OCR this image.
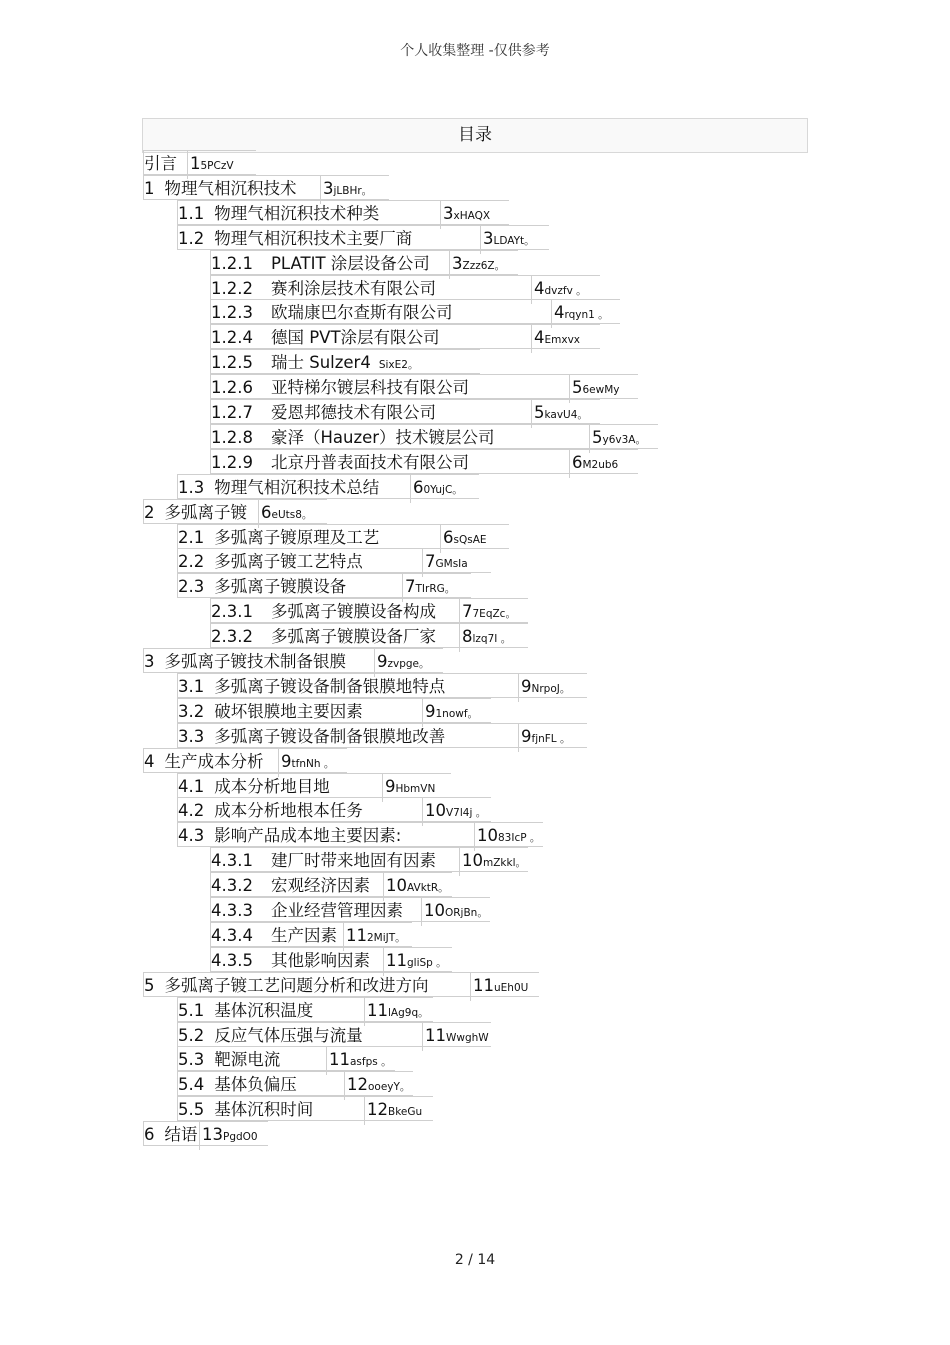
个人收集整理 -仅供参考
目录
引言 15PCzV
1 物理气相沉积技术 3jLBHr。
1.1 物理气相沉积技术种类	3xHAQX
1.2 物理气相沉积技术主要厂商	3LDAYt。
1.2.1 PLATIT 涂层设备公司 3Zzz6Z。
1.2.2 赛利涂层技术有限公司	4dvzfv 。
1.2.3 欧瑞康巴尔查斯有限公司	4rqyn1 。
1.2.4 德国 PVT涂层有限公司	4Emxvx
1.2.5 瑞士 Sulzer4 SixE2。
1.2.6 亚特梯尔镀层科技有限公司	56ewMy
1.2.7 爱恩邦德技术有限公司	5kavU4。
1.2.8 豪泽（Hauzer）技术镀层公司	5y6v3A。
1.2.9 北京丹普表面技术有限公司	6M2ub6
1.3 物理气相沉积技术总结 60YujC。
2 多弧离子镀 6eUts8。
2.1 多弧离子镀原理及工艺	6sQsAE
2.2 多弧离子镀工艺特点	7GMsIa
2.3 多弧离子镀膜设备	7TIrRG。
2.3.1 多弧离子镀膜设备构成 77EqZc。
2.3.2 多弧离子镀膜设备厂家 8lzq7I 。
3 多弧离子镀技术制备银膜 9zvpge。
3.1 多弧离子镀设备制备银膜地特点	9NrpoJ。
3.2 破坏银膜地主要因素	91nowf。
3.3 多弧离子镀设备制备银膜地改善	9fjnFL 。
4 生产成本分析 9tfnNh 。
4.1 成本分析地目地	9HbmVN
4.2 成本分析地根本任务	10V7l4j 。
4.3 影响产品成本地主要因素:	1083IcP 。
4.3.1 建厂时带来地固有因素 10mZkkl。
4.3.2 宏观经济因素 10AVktR。
4.3.3 企业经营管理因素 10ORjBn。
4.3.4 生产因素 112MiJT。
4.3.5 其他影响因素 11gliSp 。
5 多弧离子镀工艺问题分析和改进方向	11uEh0U
5.1 基体沉积温度	11lAg9q。
5.2 反应气体压强与流量	11WwghW
5.3 靶源电流	11asfps 。
5.4 基体负偏压	12ooeyY。
5.5 基体沉积时间	12BkeGu
6 结语 13PgdO0
2 / 14
